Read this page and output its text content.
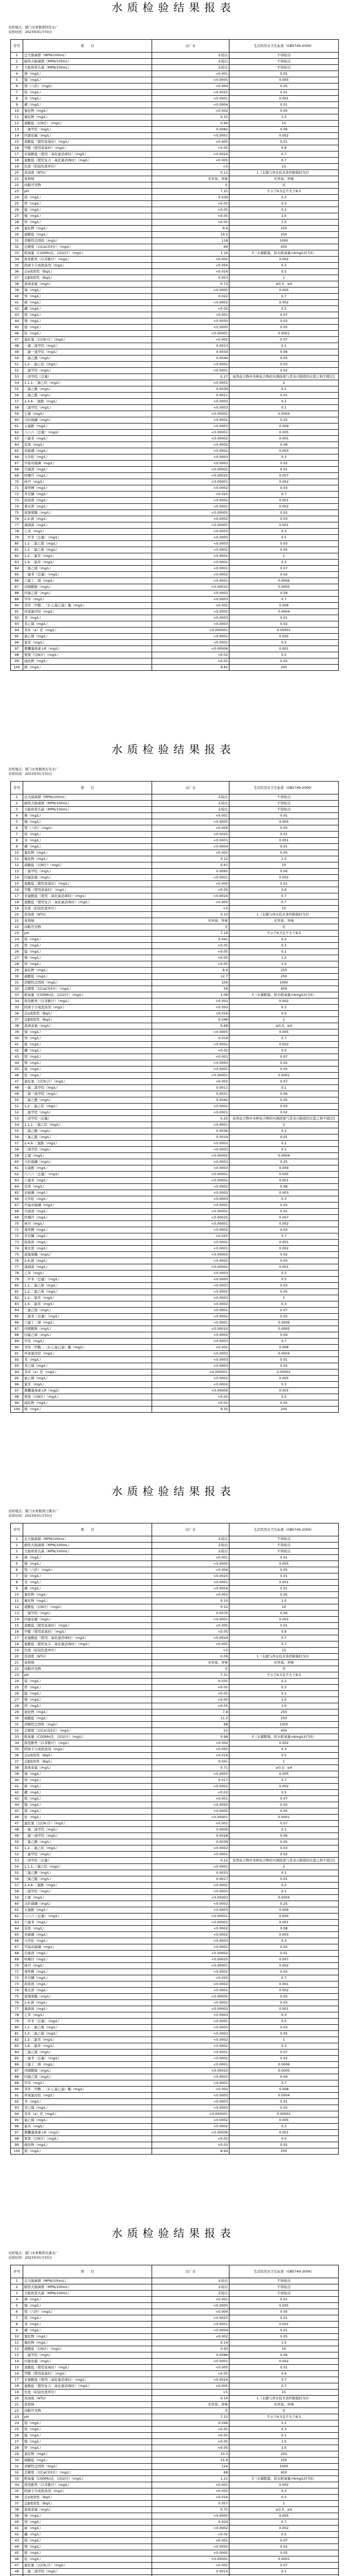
水质检验结果报表
采样地点：厦门水务集团同安水厂
采样时间：2023年01月03日
序号	项　　目	出厂水	生活饮用水卫生标准（GB5749-2006）
1	总大肠菌群（MPN/100mL）	未检出	不得检出
2	耐热大肠菌群（MPN/100mL）	未检出	不得检出
3	大肠埃希氏菌（MPN/100mL）	未检出	不得检出
4	砷（mg/L）	<0.001	0.01
5	镉（mg/L）	<0.0005	0.005
6	铬（六价）（mg/L）	<0.004	0.05
7	铅（mg/L）	<0.0025	0.01
8	汞（mg/L）	<0.0001	0.001
9	硒（mg/L）	<0.0004	0.01
10	氰化物（mg/L）	<0.002	0.05
11	氟化物（mg/L）	0.15	1.0
12	硝酸盐（以N计）（mg/L）	0.84	10
13	三氯甲烷（mg/L）	0.0082	0.06
14	四氯化碳（mg/L）	<0.0001	0.002
15	溴酸盐（使用臭氧时）（mg/L）	<0.005	0.01
16	甲醛（使用臭氧时）（mg/L）	<0.05	0.9
17	亚氯酸盐（使用二氧化氯消毒时）（mg/L）	<0.0024	0.7
18	氯酸盐（使用复合二氧化氯消毒时）（mg/L）	<0.005	0.7
19	色度（铂钴色度单位）	<5	15
20	浑浊度（NTU）	0.12	1（水源与净水技术条件限制时为3）
21	臭和味	无异臭、异味	无异臭、异味
22	肉眼可见物	无	无
23	pH	7.25	不小于6.5且不大于8.5
24	铝（mg/L）	0.039	0.2
25	铁（mg/L）	<0.05	0.3
26	锰（mg/L）	<0.05	0.1
27	铜（mg/L）	<0.05	1.0
28	锌（mg/L）	<0.05	1.0
29	氯化物（mg/L）	9.6	250
30	硫酸盐（mg/L）	14.5	250
31	溶解性总固体（mg/L）	118	1000
32	总硬度（以CaCO3计）（mg/L）	64	450
33	耗氧量（CODMn法，以O2计）（mg/L）	1.16	3（水源限制，原水耗氧量>6mg/L时为5）
34	挥发酚类（以苯酚计）（mg/L）	<0.002	0.002
35	阴离子合成洗涤剂（mg/L）	<0.050	0.3
36	总α放射性（Bq/L）	<0.016	0.5
37	总β放射性（Bq/L）	0.053	1
38	游离余氯（mg/L）	0.73	≥0.3，≤4
39	锑（mg/L）	<0.0005	0.005
40	钡（mg/L）	0.022	0.7
41	铍（mg/L）	<0.0002	0.002
42	硼（mg/L）	<0.02	0.5
43	钼（mg/L）	<0.001	0.07
44	镍（mg/L）	<0.0050	0.02
45	银（mg/L）	<0.0005	0.05
46	铊（mg/L）	<0.00001	0.0001
47	氯化氰（以CN-计）（mg/L）	<0.002	0.07
48	一氯二溴甲烷（mg/L）	0.0013	0.1
49	二氯一溴甲烷（mg/L）	0.0034	0.06
50	二氯乙酸（mg/L）	0.0046	0.05
51	1,2-二氯乙烷（mg/L）	<0.0002	0.03
52	二氯甲烷（mg/L）	<0.0001	0.02
53	三卤甲烷（总量）	0.27	该类化合物中各种化合物的实测浓度与其各自限值的比值之和不超过1
54	1,1,1-三氯乙烷（mg/L）	<0.0001	2
55	三氯乙酸（mg/L）	0.0039	0.1
56	三氯乙醛（mg/L）	0.0021	0.01
57	2,4,6-三氯酚（mg/L）	<0.0002	0.2
58	三溴甲烷（mg/L）	<0.0003	0.1
59	七氯（mg/L）	<0.00002	0.0004
60	马拉硫磷（mg/L）	<0.0002	0.25
61	五氯酚（mg/L）	<0.0003	0.009
62	六六六（总量）（mg/L）	<0.00001	0.005
63	六氯苯（mg/L）	<0.00002	0.001
64	乐果（mg/L）	<0.0002	0.08
65	对硫磷（mg/L）	<0.0002	0.003
66	灭草松（mg/L）	<0.0003	0.3
67	甲基对硫磷（mg/L）	<0.0002	0.02
68	百菌清（mg/L）	<0.00002	0.01
69	呋喃丹（mg/L）	<0.00025	0.007
70	林丹（mg/L）	<0.00001	0.002
71	毒死蜱（mg/L）	<0.0002	0.03
72	草甘膦（mg/L）	<0.025	0.7
73	敌敌畏（mg/L）	<0.0002	0.001
74	莠去津（mg/L）	<0.0001	0.002
75	溴氰菊酯（mg/L）	<0.00005	0.02
76	2,4-滴（mg/L）	<0.0002	0.03
77	滴滴涕（mg/L）	<0.00002	0.001
78	乙苯（mg/L）	<0.0003	0.3
79	二甲苯（总量）（mg/L）	<0.0005	0.5
80	1,1-二氯乙烯（mg/L）	<0.0003	0.03
81	1,2-二氯乙烯（mg/L）	<0.0002	0.05
82	1,2-二氯苯（mg/L）	<0.0002	1
83	1,4-二氯苯（mg/L）	<0.0002	0.3
84	三氯乙烯（mg/L）	<0.0001	0.07
85	三氯苯（总量）（mg/L）	<0.0002	0.02
86	六氯丁二烯（mg/L）	<0.0001	0.0006
87	丙烯酰胺（mg/L）	<0.00010	0.0005
88	四氯乙烯（mg/L）	<0.0002	0.04
89	甲苯（mg/L）	<0.0003	0.7
90	邻苯二甲酸二（2-乙基己基）酯（mg/L）	<0.002	0.008
91	环氧氯丙烷（mg/L）	<0.0002	0.0004
92	苯（mg/L）	<0.0003	0.01
93	苯乙烯（mg/L）	<0.0003	0.02
94	苯并（a）芘（mg/L）	<0.000001	0.00001
95	氯乙烯（mg/L）	<0.0002	0.005
96	氯苯（mg/L）	<0.0002	0.3
97	微囊藻毒素-LR（mg/L）	<0.00006	0.001
98	氨氮（以N计）（mg/L）	<0.02	0.5
99	硫化物（mg/L）	<0.02	0.02
100	钠（mg/L）	9.82	200
水质检验结果报表
采样地点：厦门水务集团古宅水厂
采样时间：2023年01月03日
序号	项　　目	出厂水	生活饮用水卫生标准（GB5749-2006）
1	总大肠菌群（MPN/100mL）	未检出	不得检出
2	耐热大肠菌群（MPN/100mL）	未检出	不得检出
3	大肠埃希氏菌（MPN/100mL）	未检出	不得检出
4	砷（mg/L）	<0.001	0.01
5	镉（mg/L）	<0.0005	0.005
6	铬（六价）（mg/L）	<0.004	0.05
7	铅（mg/L）	<0.0025	0.01
8	汞（mg/L）	<0.0001	0.001
9	硒（mg/L）	<0.0004	0.01
10	氰化物（mg/L）	<0.002	0.05
11	氟化物（mg/L）	0.12	1.0
12	硝酸盐（以N计）（mg/L）	0.61	10
13	三氯甲烷（mg/L）	0.0095	0.06
14	四氯化碳（mg/L）	<0.0001	0.002
15	溴酸盐（使用臭氧时）（mg/L）	<0.005	0.01
16	甲醛（使用臭氧时）（mg/L）	<0.05	0.9
17	亚氯酸盐（使用二氧化氯消毒时）（mg/L）	<0.0024	0.7
18	氯酸盐（使用复合二氧化氯消毒时）（mg/L）	<0.005	0.7
19	色度（铂钴色度单位）	<5	15
20	浑浊度（NTU）	0.10	1（水源与净水技术条件限制时为3）
21	臭和味	无异臭、异味	无异臭、异味
22	肉眼可见物	无	无
23	pH	7.18	不小于6.5且不大于8.5
24	铝（mg/L）	0.041	0.2
25	铁（mg/L）	<0.05	0.3
26	锰（mg/L）	<0.05	0.1
27	铜（mg/L）	<0.05	1.0
28	锌（mg/L）	<0.05	1.0
29	氯化物（mg/L）	8.9	250
30	硫酸盐（mg/L）	12.7	250
31	溶解性总固体（mg/L）	106	1000
32	总硬度（以CaCO3计）（mg/L）	58	450
33	耗氧量（CODMn法，以O2计）（mg/L）	1.08	3（水源限制，原水耗氧量>6mg/L时为5）
34	挥发酚类（以苯酚计）（mg/L）	<0.002	0.002
35	阴离子合成洗涤剂（mg/L）	<0.050	0.3
36	总α放射性（Bq/L）	<0.016	0.5
37	总β放射性（Bq/L）	0.048	1
38	游离余氯（mg/L）	0.68	≥0.3，≤4
39	锑（mg/L）	<0.0005	0.005
40	钡（mg/L）	0.019	0.7
41	铍（mg/L）	<0.0002	0.002
42	硼（mg/L）	<0.02	0.5
43	钼（mg/L）	<0.001	0.07
44	镍（mg/L）	<0.0050	0.02
45	银（mg/L）	<0.0005	0.05
46	铊（mg/L）	<0.00001	0.0001
47	氯化氰（以CN-计）（mg/L）	<0.002	0.07
48	一氯二溴甲烷（mg/L）	0.0011	0.1
49	二氯一溴甲烷（mg/L）	0.0031	0.06
50	二氯乙酸（mg/L）	0.0042	0.05
51	1,2-二氯乙烷（mg/L）	<0.0002	0.03
52	二氯甲烷（mg/L）	<0.0001	0.02
53	三卤甲烷（总量）	0.25	该类化合物中各种化合物的实测浓度与其各自限值的比值之和不超过1
54	1,1,1-三氯乙烷（mg/L）	<0.0001	2
55	三氯乙酸（mg/L）	0.0036	0.1
56	三氯乙醛（mg/L）	0.0019	0.01
57	2,4,6-三氯酚（mg/L）	<0.0002	0.2
58	三溴甲烷（mg/L）	<0.0003	0.1
59	七氯（mg/L）	<0.00002	0.0004
60	马拉硫磷（mg/L）	<0.0002	0.25
61	五氯酚（mg/L）	<0.0003	0.009
62	六六六（总量）（mg/L）	<0.00001	0.005
63	六氯苯（mg/L）	<0.00002	0.001
64	乐果（mg/L）	<0.0002	0.08
65	对硫磷（mg/L）	<0.0002	0.003
66	灭草松（mg/L）	<0.0003	0.3
67	甲基对硫磷（mg/L）	<0.0002	0.02
68	百菌清（mg/L）	<0.00002	0.01
69	呋喃丹（mg/L）	<0.00025	0.007
70	林丹（mg/L）	<0.00001	0.002
71	毒死蜱（mg/L）	<0.0002	0.03
72	草甘膦（mg/L）	<0.025	0.7
73	敌敌畏（mg/L）	<0.0002	0.001
74	莠去津（mg/L）	<0.0001	0.002
75	溴氰菊酯（mg/L）	<0.00005	0.02
76	2,4-滴（mg/L）	<0.0002	0.03
77	滴滴涕（mg/L）	<0.00002	0.001
78	乙苯（mg/L）	<0.0003	0.3
79	二甲苯（总量）（mg/L）	<0.0005	0.5
80	1,1-二氯乙烯（mg/L）	<0.0003	0.03
81	1,2-二氯乙烯（mg/L）	<0.0002	0.05
82	1,2-二氯苯（mg/L）	<0.0002	1
83	1,4-二氯苯（mg/L）	<0.0002	0.3
84	三氯乙烯（mg/L）	<0.0001	0.07
85	三氯苯（总量）（mg/L）	<0.0002	0.02
86	六氯丁二烯（mg/L）	<0.0001	0.0006
87	丙烯酰胺（mg/L）	<0.00010	0.0005
88	四氯乙烯（mg/L）	<0.0002	0.04
89	甲苯（mg/L）	<0.0003	0.7
90	邻苯二甲酸二（2-乙基己基）酯（mg/L）	<0.002	0.008
91	环氧氯丙烷（mg/L）	<0.0002	0.0004
92	苯（mg/L）	<0.0003	0.01
93	苯乙烯（mg/L）	<0.0003	0.02
94	苯并（a）芘（mg/L）	<0.000001	0.00001
95	氯乙烯（mg/L）	<0.0002	0.005
96	氯苯（mg/L）	<0.0002	0.3
97	微囊藻毒素-LR（mg/L）	<0.00006	0.001
98	氨氮（以N计）（mg/L）	<0.02	0.5
99	硫化物（mg/L）	<0.02	0.02
100	钠（mg/L）	9.35	200
水质检验结果报表
采样地点：厦门水务集团汀溪水厂
采样时间：2023年01月03日
序号	项　　目	出厂水	生活饮用水卫生标准（GB5749-2006）
1	总大肠菌群（MPN/100mL）	未检出	不得检出
2	耐热大肠菌群（MPN/100mL）	未检出	不得检出
3	大肠埃希氏菌（MPN/100mL）	未检出	不得检出
4	砷（mg/L）	<0.001	0.01
5	镉（mg/L）	<0.0005	0.005
6	铬（六价）（mg/L）	<0.004	0.05
7	铅（mg/L）	<0.0025	0.01
8	汞（mg/L）	<0.0001	0.001
9	硒（mg/L）	<0.0004	0.01
10	氰化物（mg/L）	<0.002	0.05
11	氟化物（mg/L）	0.10	1.0
12	硝酸盐（以N计）（mg/L）	0.52	10
13	三氯甲烷（mg/L）	0.0076	0.06
14	四氯化碳（mg/L）	<0.0001	0.002
15	溴酸盐（使用臭氧时）（mg/L）	<0.005	0.01
16	甲醛（使用臭氧时）（mg/L）	<0.05	0.9
17	亚氯酸盐（使用二氧化氯消毒时）（mg/L）	<0.0024	0.7
18	氯酸盐（使用复合二氧化氯消毒时）（mg/L）	<0.005	0.7
19	色度（铂钴色度单位）	<5	15
20	浑浊度（NTU）	0.09	1（水源与净水技术条件限制时为3）
21	臭和味	无异臭、异味	无异臭、异味
22	肉眼可见物	无	无
23	pH	7.31	不小于6.5且不大于8.5
24	铝（mg/L）	0.035	0.2
25	铁（mg/L）	<0.05	0.3
26	锰（mg/L）	<0.05	0.1
27	铜（mg/L）	<0.05	1.0
28	锌（mg/L）	<0.05	1.0
29	氯化物（mg/L）	7.8	250
30	硫酸盐（mg/L）	11.2	250
31	溶解性总固体（mg/L）	98	1000
32	总硬度（以CaCO3计）（mg/L）	52	450
33	耗氧量（CODMn法，以O2计）（mg/L）	0.98	3（水源限制，原水耗氧量>6mg/L时为5）
34	挥发酚类（以苯酚计）（mg/L）	<0.002	0.002
35	阴离子合成洗涤剂（mg/L）	<0.050	0.3
36	总α放射性（Bq/L）	<0.016	0.5
37	总β放射性（Bq/L）	0.041	1
38	游离余氯（mg/L）	0.71	≥0.3，≤4
39	锑（mg/L）	<0.0005	0.005
40	钡（mg/L）	0.017	0.7
41	铍（mg/L）	<0.0002	0.002
42	硼（mg/L）	<0.02	0.5
43	钼（mg/L）	<0.001	0.07
44	镍（mg/L）	<0.0050	0.02
45	银（mg/L）	<0.0005	0.05
46	铊（mg/L）	<0.00001	0.0001
47	氯化氰（以CN-计）（mg/L）	<0.002	0.07
48	一氯二溴甲烷（mg/L）	0.0009	0.1
49	二氯一溴甲烷（mg/L）	0.0028	0.06
50	二氯乙酸（mg/L）	0.0039	0.05
51	1,2-二氯乙烷（mg/L）	<0.0002	0.03
52	二氯甲烷（mg/L）	<0.0001	0.02
53	三卤甲烷（总量）	0.22	该类化合物中各种化合物的实测浓度与其各自限值的比值之和不超过1
54	1,1,1-三氯乙烷（mg/L）	<0.0001	2
55	三氯乙酸（mg/L）	0.0033	0.1
56	三氯乙醛（mg/L）	0.0017	0.01
57	2,4,6-三氯酚（mg/L）	<0.0002	0.2
58	三溴甲烷（mg/L）	<0.0003	0.1
59	七氯（mg/L）	<0.00002	0.0004
60	马拉硫磷（mg/L）	<0.0002	0.25
61	五氯酚（mg/L）	<0.0003	0.009
62	六六六（总量）（mg/L）	<0.00001	0.005
63	六氯苯（mg/L）	<0.00002	0.001
64	乐果（mg/L）	<0.0002	0.08
65	对硫磷（mg/L）	<0.0002	0.003
66	灭草松（mg/L）	<0.0003	0.3
67	甲基对硫磷（mg/L）	<0.0002	0.02
68	百菌清（mg/L）	<0.00002	0.01
69	呋喃丹（mg/L）	<0.00025	0.007
70	林丹（mg/L）	<0.00001	0.002
71	毒死蜱（mg/L）	<0.0002	0.03
72	草甘膦（mg/L）	<0.025	0.7
73	敌敌畏（mg/L）	<0.0002	0.001
74	莠去津（mg/L）	<0.0001	0.002
75	溴氰菊酯（mg/L）	<0.00005	0.02
76	2,4-滴（mg/L）	<0.0002	0.03
77	滴滴涕（mg/L）	<0.00002	0.001
78	乙苯（mg/L）	<0.0003	0.3
79	二甲苯（总量）（mg/L）	<0.0005	0.5
80	1,1-二氯乙烯（mg/L）	<0.0003	0.03
81	1,2-二氯乙烯（mg/L）	<0.0002	0.05
82	1,2-二氯苯（mg/L）	<0.0002	1
83	1,4-二氯苯（mg/L）	<0.0002	0.3
84	三氯乙烯（mg/L）	<0.0001	0.07
85	三氯苯（总量）（mg/L）	<0.0002	0.02
86	六氯丁二烯（mg/L）	<0.0001	0.0006
87	丙烯酰胺（mg/L）	<0.00010	0.0005
88	四氯乙烯（mg/L）	<0.0002	0.04
89	甲苯（mg/L）	<0.0003	0.7
90	邻苯二甲酸二（2-乙基己基）酯（mg/L）	<0.002	0.008
91	环氧氯丙烷（mg/L）	<0.0002	0.0004
92	苯（mg/L）	<0.0003	0.01
93	苯乙烯（mg/L）	<0.0003	0.02
94	苯并（a）芘（mg/L）	<0.000001	0.00001
95	氯乙烯（mg/L）	<0.0002	0.005
96	氯苯（mg/L）	<0.0002	0.3
97	微囊藻毒素-LR（mg/L）	<0.00006	0.001
98	氨氮（以N计）（mg/L）	<0.02	0.5
99	硫化物（mg/L）	<0.02	0.02
100	钠（mg/L）	8.64	200
水质检验结果报表
采样地点：厦门水务集团北溪水厂
采样时间：2023年01月03日
序号	项　　目	出厂水	生活饮用水卫生标准（GB5749-2006）
1	总大肠菌群（MPN/100mL）	未检出	不得检出
2	耐热大肠菌群（MPN/100mL）	未检出	不得检出
3	大肠埃希氏菌（MPN/100mL）	未检出	不得检出
4	砷（mg/L）	<0.001	0.01
5	镉（mg/L）	<0.0005	0.005
6	铬（六价）（mg/L）	<0.004	0.05
7	铅（mg/L）	<0.0025	0.01
8	汞（mg/L）	<0.0001	0.001
9	硒（mg/L）	<0.0004	0.01
10	氰化物（mg/L）	<0.002	0.05
11	氟化物（mg/L）	0.14	1.0
12	硝酸盐（以N计）（mg/L）	0.93	10
13	三氯甲烷（mg/L）	0.0088	0.06
14	四氯化碳（mg/L）	<0.0001	0.002
15	溴酸盐（使用臭氧时）（mg/L）	<0.005	0.01
16	甲醛（使用臭氧时）（mg/L）	<0.05	0.9
17	亚氯酸盐（使用二氧化氯消毒时）（mg/L）	<0.0024	0.7
18	氯酸盐（使用复合二氧化氯消毒时）（mg/L）	<0.005	0.7
19	色度（铂钴色度单位）	<5	15
20	浑浊度（NTU）	0.14	1（水源与净水技术条件限制时为3）
21	臭和味	无异臭、异味	无异臭、异味
22	肉眼可见物	无	无
23	pH	7.22	不小于6.5且不大于8.5
24	铝（mg/L）	0.046	0.2
25	铁（mg/L）	<0.05	0.3
26	锰（mg/L）	<0.05	0.1
27	铜（mg/L）	<0.05	1.0
28	锌（mg/L）	<0.05	1.0
29	氯化物（mg/L）	10.3	250
30	硫酸盐（mg/L）	15.8	250
31	溶解性总固体（mg/L）	124	1000
32	总硬度（以CaCO3计）（mg/L）	68	450
33	耗氧量（CODMn法，以O2计）（mg/L）	1.21	3（水源限制，原水耗氧量>6mg/L时为5）
34	挥发酚类（以苯酚计）（mg/L）	<0.002	0.002
35	阴离子合成洗涤剂（mg/L）	<0.050	0.3
36	总α放射性（Bq/L）	<0.016	0.5
37	总β放射性（Bq/L）	0.057	1
38	游离余氯（mg/L）	0.75	≥0.3，≤4
39	锑（mg/L）	<0.0005	0.005
40	钡（mg/L）	0.024	0.7
41	铍（mg/L）	<0.0002	0.002
42	硼（mg/L）	<0.02	0.5
43	钼（mg/L）	<0.001	0.07
44	镍（mg/L）	<0.0050	0.02
45	银（mg/L）	<0.0005	0.05
46	铊（mg/L）	<0.00001	0.0001
47	氯化氰（以CN-计）（mg/L）	<0.002	0.07
48	一氯二溴甲烷（mg/L）	0.0014	0.1
